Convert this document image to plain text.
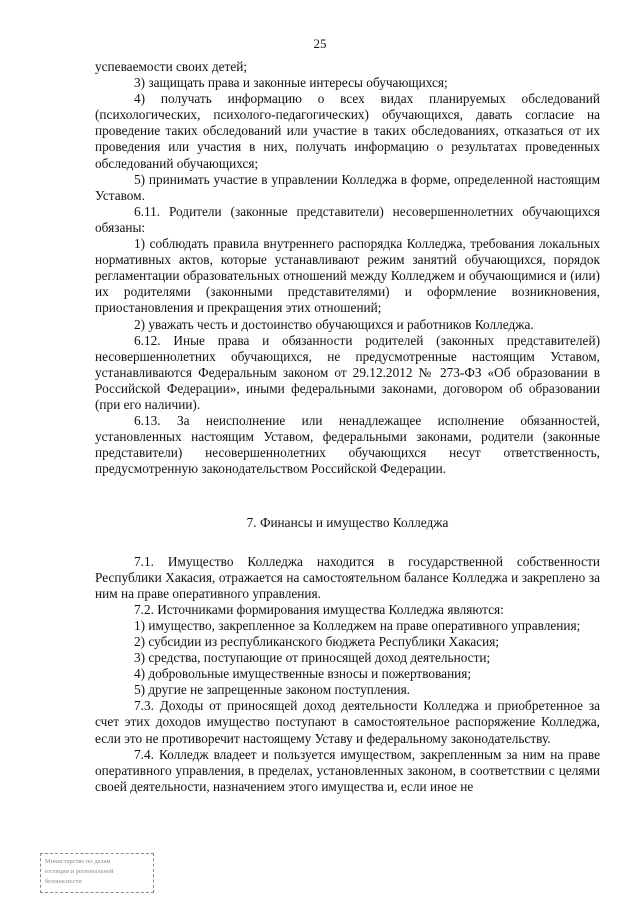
25

успеваемости своих детей;

3) защищать права и законные интересы обучающихся;

4) получать информацию о всех видах планируемых обследований (психологических, психолого-педагогических) обучающихся, давать согласие на проведение таких обследований или участие в таких обследованиях, отказаться от их проведения или участия в них, получать информацию о результатах проведенных обследований обучающихся;

5) принимать участие в управлении Колледжа в форме, определенной настоящим Уставом.

6.11. Родители (законные представители) несовершеннолетних обучающихся обязаны:

1) соблюдать правила внутреннего распорядка Колледжа, требования локальных нормативных актов, которые устанавливают режим занятий обучающихся, порядок регламентации образовательных отношений между Колледжем и обучающимися и (или) их родителями (законными представителями) и оформление возникновения, приостановления и прекращения этих отношений;

2) уважать честь и достоинство обучающихся и работников Колледжа.

6.12. Иные права и обязанности родителей (законных представителей) несовершеннолетних обучающихся, не предусмотренные настоящим Уставом, устанавливаются Федеральным законом от 29.12.2012 № 273-ФЗ «Об образовании в Российской Федерации», иными федеральными законами, договором об образовании (при его наличии).

6.13. За неисполнение или ненадлежащее исполнение обязанностей, установленных настоящим Уставом, федеральными законами, родители (законные представители) несовершеннолетних обучающихся несут ответственность, предусмотренную законодательством Российской Федерации.

7. Финансы и имущество Колледжа

7.1. Имущество Колледжа находится в государственной собственности Республики Хакасия, отражается на самостоятельном балансе Колледжа и закреплено за ним на праве оперативного управления.

7.2. Источниками формирования имущества Колледжа являются:

1) имущество, закрепленное за Колледжем на праве оперативного управления;

2) субсидии из республиканского бюджета Республики Хакасия;

3) средства, поступающие от приносящей доход деятельности;

4) добровольные имущественные взносы и пожертвования;

5) другие не запрещенные законом поступления.

7.3. Доходы от приносящей доход деятельности Колледжа и приобретенное за счет этих доходов имущество поступают в самостоятельное распоряжение Колледжа, если это не противоречит настоящему Уставу и федеральному законодательству.

7.4. Колледж владеет и пользуется имуществом, закрепленным за ним на праве оперативного управления, в пределах, установленных законом, в соответствии с целями своей деятельности, назначением этого имущества и, если иное не

Министерство по делам
юстиции и региональной
безопасности
